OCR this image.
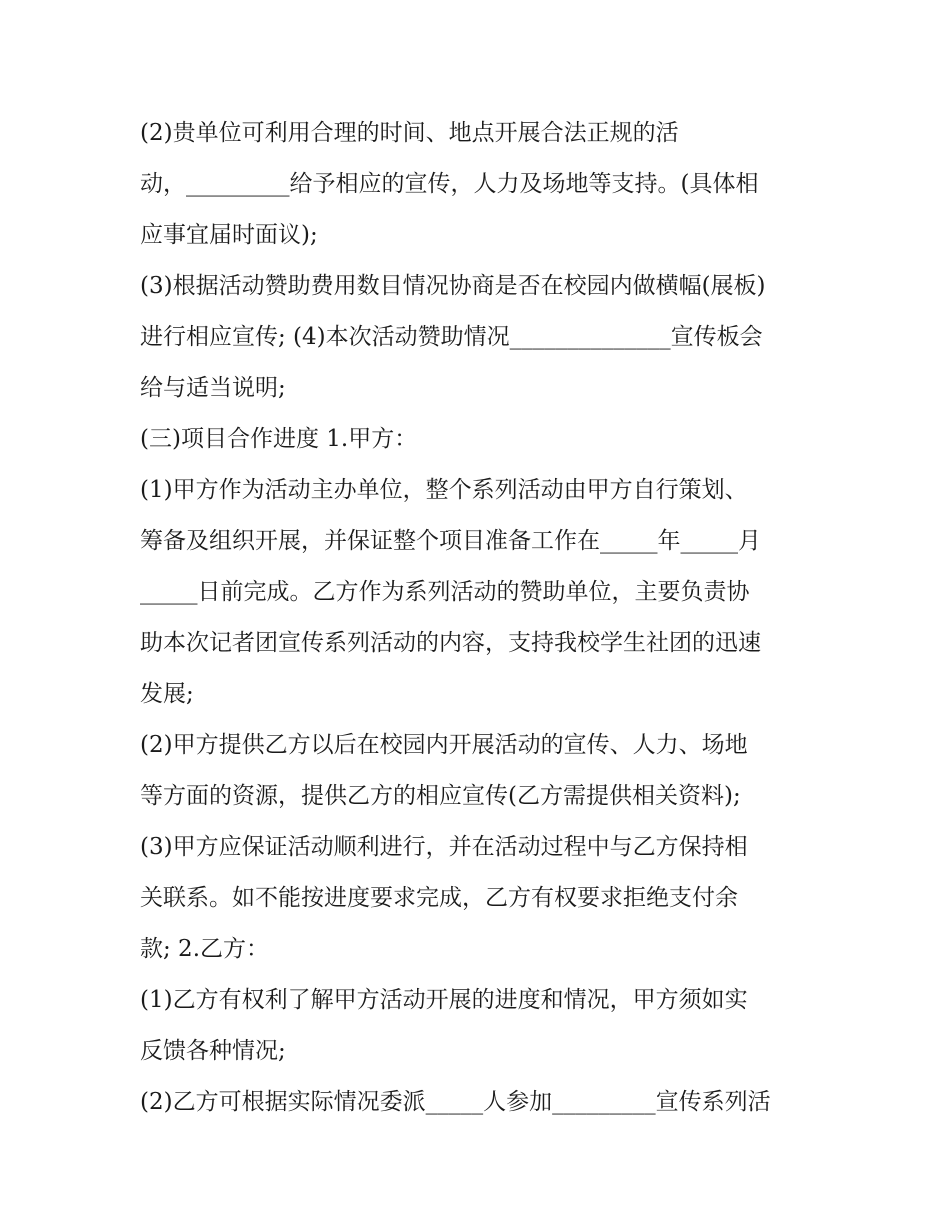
(2)贵单位可利用合理的时间、地点开展合法正规的活
动，_________给予相应的宣传，人力及场地等支持。(具体相
应事宜届时面议);
(3)根据活动赞助费用数目情况协商是否在校园内做横幅(展板)
进行相应宣传; (4)本次活动赞助情况______________宣传板会
给与适当说明;
(三)项目合作进度 1.甲方：
(1)甲方作为活动主办单位，整个系列活动由甲方自行策划、
筹备及组织开展，并保证整个项目准备工作在_____年_____月
_____日前完成。乙方作为系列活动的赞助单位，主要负责协
助本次记者团宣传系列活动的内容，支持我校学生社团的迅速
发展;
(2)甲方提供乙方以后在校园内开展活动的宣传、人力、场地
等方面的资源，提供乙方的相应宣传(乙方需提供相关资料);
(3)甲方应保证活动顺利进行，并在活动过程中与乙方保持相
关联系。如不能按进度要求完成，乙方有权要求拒绝支付余
款; 2.乙方：
(1)乙方有权利了解甲方活动开展的进度和情况，甲方须如实
反馈各种情况;
(2)乙方可根据实际情况委派_____人参加_________宣传系列活
